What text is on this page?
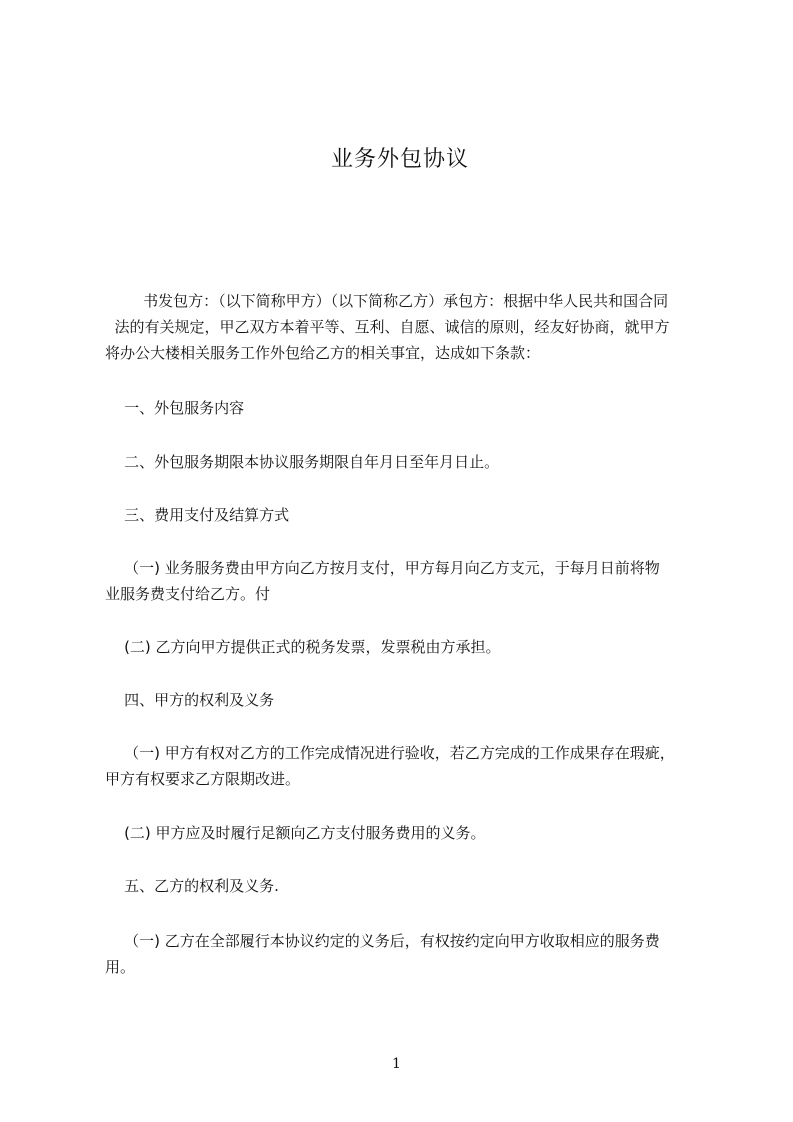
业务外包协议
书发包方：（以下简称甲方）（以下简称乙方）承包方：根据中华人民共和国合同
法的有关规定，甲乙双方本着平等、互利、自愿、诚信的原则，经友好协商，就甲方
将办公大楼相关服务工作外包给乙方的相关事宜，达成如下条款：
一、外包服务内容
二、外包服务期限本协议服务期限自年月日至年月日止。
三、费用支付及结算方式
（一) 业务服务费由甲方向乙方按月支付，甲方每月向乙方支元，于每月日前将物
业服务费支付给乙方。付
(二) 乙方向甲方提供正式的税务发票，发票税由方承担。
四、甲方的权利及义务
（一) 甲方有权对乙方的工作完成情况进行验收，若乙方完成的工作成果存在瑕疵，
甲方有权要求乙方限期改进。
(二) 甲方应及时履行足额向乙方支付服务费用的义务。
五、乙方的权利及义务.
（一) 乙方在全部履行本协议约定的义务后，有权按约定向甲方收取相应的服务费
用。
1
